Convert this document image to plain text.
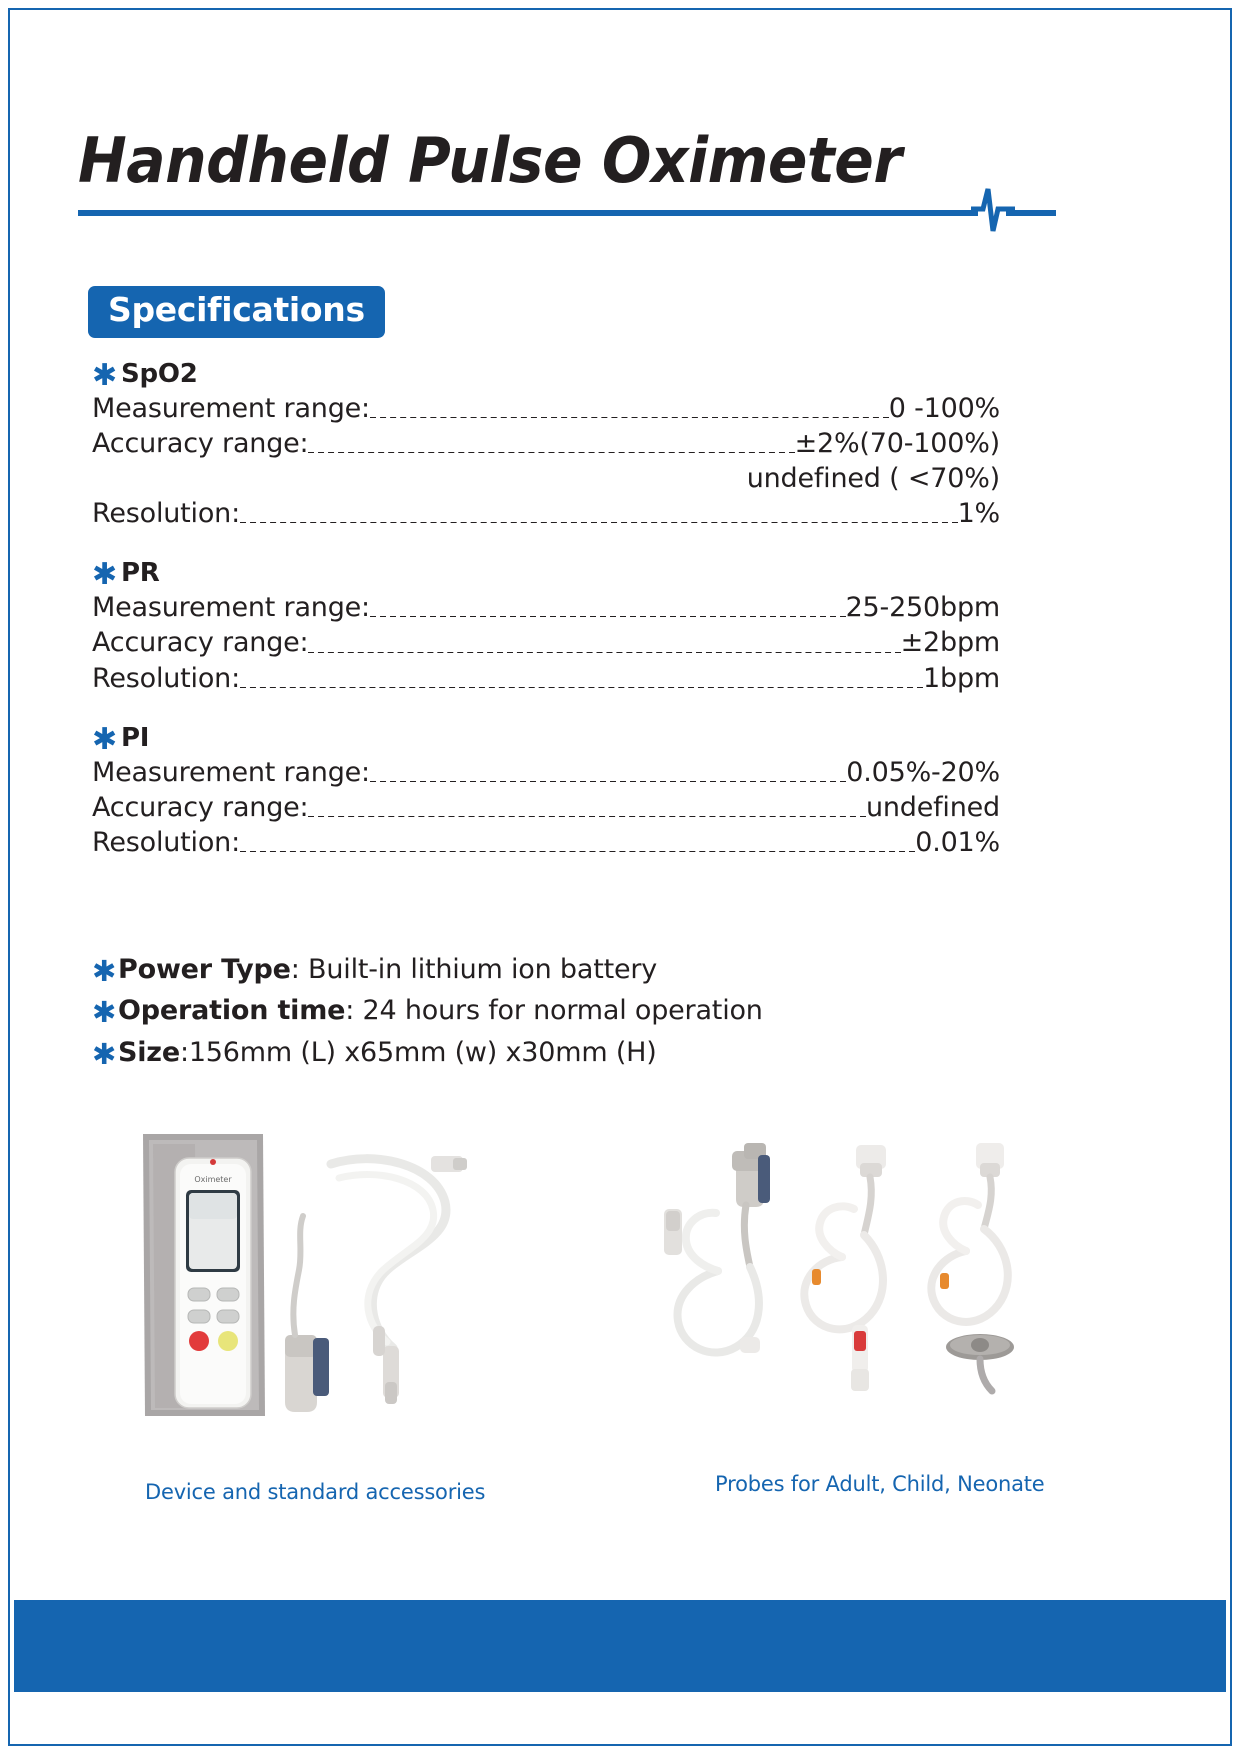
Handheld Pulse Oximeter
Specifications
✱ SpO2
Measurement range:	0 -100%
Accuracy range:	±2%(70-100%)
undefined ( <70%)
Resolution:	1%
✱ PR
Measurement range:	25-250bpm
Accuracy range:	±2bpm
Resolution:	1bpm
✱ PI
Measurement range:	0.05%-20%
Accuracy range:	undefined
Resolution:	0.01%
✱ Power Type : Built-in lithium ion battery
✱ Operation time : 24 hours for normal operation
✱ Size :156mm (L) x65mm (w) x30mm (H)
Oximeter
Device and standard accessories	Probes for Adult, Child, Neonate
